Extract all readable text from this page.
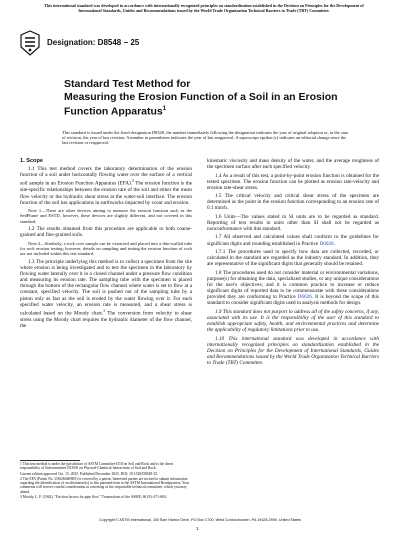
This international standard was developed in accordance with internationally recognized principles on standardization established in the Decision on Principles for the Development of International Standards, Guides and Recommendations issued by the World Trade Organization Technical Barriers to Trade (TBT) Committee.
Designation: D8548 − 25
Standard Test Method for
Measuring the Erosion Function of a Soil in an Erosion
Function Apparatus$^1$
This standard is issued under the fixed designation D8548; the number immediately following the designation indicates the year of original adoption or, in the case of revision, the year of last revision. A number in parentheses indicates the year of last reapproval. A superscript epsilon (ε) indicates an editorial change since the last revision or reapproval.
1. Scope

1.1 This test method covers the laboratory determination of the erosion function of a soil under horizontally flowing water over the surface of a vertical soil sample in an Erosion Function Apparatus (EFA).$^2$ The erosion function is the site-specific relationships between the erosion rate of the soil and either the mean flow velocity or the hydraulic shear stress at the water-soil interface. The erosion function of the soil has applications in earthworks impacted by scour and erosion.

Note 1—There are other devices aiming to measure the erosion function such as the SedFlume and ESTD, however, these devices are slightly different, and not covered in this standard.

1.2 The results obtained from this procedure are applicable to both coarse-grained and fine-grained soils.

Note 2—Similarly, a rock core sample can be extracted and placed into a thin-walled tube for rock erosion testing; however, details on sampling and testing the erosion function of rock are not included within this test standard.

1.3 The principle underlying this method is to collect a specimen from the site where erosion is being investigated and to test the specimen in the laboratory by flowing water laterally over it in a closed channel under a pressure flow condition and measuring its erosion rate. The sampling tube with the specimen is placed through the bottom of the rectangular flow channel where water is set to flow at a constant, specified velocity. The soil is pushed out of the sampling tube by a piston only as fast as the soil is eroded by the water flowing over it. For each specified water velocity, an erosion rate is measured, and a shear stress is calculated based on the Moody chart.$^3$ The conversion from velocity to shear stress using the Moody chart requires the hydraulic diameter of the flow channel, the

kinematic viscosity and mass density of the water, and the average roughness of the specimen surface after each specified velocity.

1.4 As a result of this test, a point-by-point erosion function is obtained for the tested specimen. The erosion function can be plotted as erosion rate-velocity and erosion rate-shear stress.

1.5 The critical velocity and critical shear stress of the specimen are determined as the point in the erosion function corresponding to an erosion rate of 0.1 mm/h.

1.6 Units—The values stated in SI units are to be regarded as standard. Reporting of test results in units other than SI shall not be regarded as nonconformance with this standard.

1.7 All observed and calculated values shall conform to the guidelines for significant digits and rounding established in Practice D6026.

1.7.1 The procedures used to specify how data are collected, recorded, or calculated in the standard are regarded as the industry standard. In addition, they are representative of the significant digits that generally should be retained.

1.8 The procedures used do not consider material or environmental variations, purpose(s) for obtaining the data, specialized studies, or any unique considerations for the user's objectives; and it is common practice to increase or reduce significant digits of reported data to be commensurate with these considerations provided they are conforming to Practice D6026. It is beyond the scope of this standard to consider significant digits used in analysis methods for design.

1.9 This standard does not purport to address all of the safety concerns, if any, associated with its use. It is the responsibility of the user of this standard to establish appropriate safety, health, and environmental practices and determine the applicability of regulatory limitations prior to use.

1.10 This international standard was developed in accordance with internationally recognized principles on standardization established in the Decision on Principles for the Development of International Standards, Guides and Recommendations issued by the World Trade Organization Technical Barriers to Trade (TBT) Committee.

1 This test method is under the jurisdiction of ASTM Committee D18 on Soil and Rock and is the direct responsibility of Subcommittee D18.06 on Physical-Chemical Interactions of Soil and Rock.

Current edition approved Oct. 15, 2025. Published December 2025. DOI: 10.1520/D8548-25.

2 The EFA (Patent No. US6260409B1) is covered by a patent. Interested parties are invited to submit information regarding the identification of an alternative(s) to this patented item to the ASTM International Headquarters. Your comments will receive careful consideration at a meeting of the responsible technical committee, which you may attend.

3 Moody, L. F. (1944), "Friction factors for pipe flow," Transactions of the ASME, 66 (8): 671-684.

Copyright © ASTM International, 100 Barr Harbor Drive, PO Box C700, West Conshohocken, PA 19428-2959. United States
1
